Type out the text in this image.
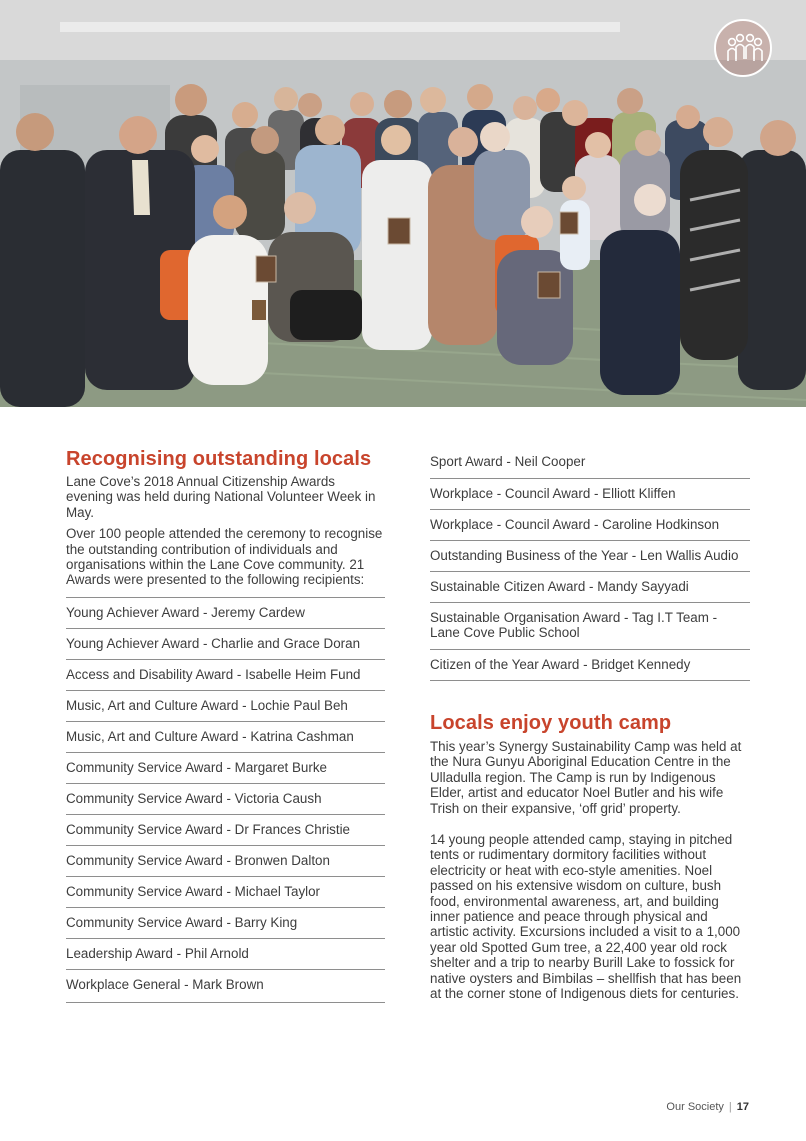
Recognising outstanding locals

Lane Cove’s 2018 Annual Citizenship Awards evening was held during National Volunteer Week in May.

Over 100 people attended the ceremony to recognise the outstanding contribution of individuals and organisations within the Lane Cove community. 21 Awards were presented to the following recipients:

Young Achiever Award - Jeremy Cardew
Young Achiever Award - Charlie and Grace Doran
Access and Disability Award - Isabelle Heim Fund
Music, Art and Culture Award - Lochie Paul Beh
Music, Art and Culture Award - Katrina Cashman
Community Service Award - Margaret Burke
Community Service Award - Victoria Caush
Community Service Award - Dr Frances Christie
Community Service Award - Bronwen Dalton
Community Service Award - Michael Taylor
Community Service Award - Barry King
Leadership Award - Phil Arnold
Workplace General - Mark Brown
Sport Award - Neil Cooper
Workplace - Council Award - Elliott Kliffen
Workplace - Council Award - Caroline Hodkinson
Outstanding Business of the Year - Len Wallis Audio
Sustainable Citizen Award - Mandy Sayyadi
Sustainable Organisation Award - Tag I.T Team - Lane Cove Public School
Citizen of the Year Award - Bridget Kennedy
Locals enjoy youth camp

This year’s Synergy Sustainability Camp was held at the Nura Gunyu Aboriginal Education Centre in the Ulladulla region. The Camp is run by Indigenous Elder, artist and educator Noel Butler and his wife Trish on their expansive, ‘off grid’ property.

14 young people attended camp, staying in pitched tents or rudimentary dormitory facilities without electricity or heat with eco-style amenities. Noel passed on his extensive wisdom on culture, bush food, environmental awareness, art, and building inner patience and peace through physical and artistic activity. Excursions included a visit to a 1,000 year old Spotted Gum tree, a 22,400 year old rock shelter and a trip to nearby Burill Lake to fossick for native oysters and Bimbilas – shellfish that has been at the corner stone of Indigenous diets for centuries.

Our Society | 17
